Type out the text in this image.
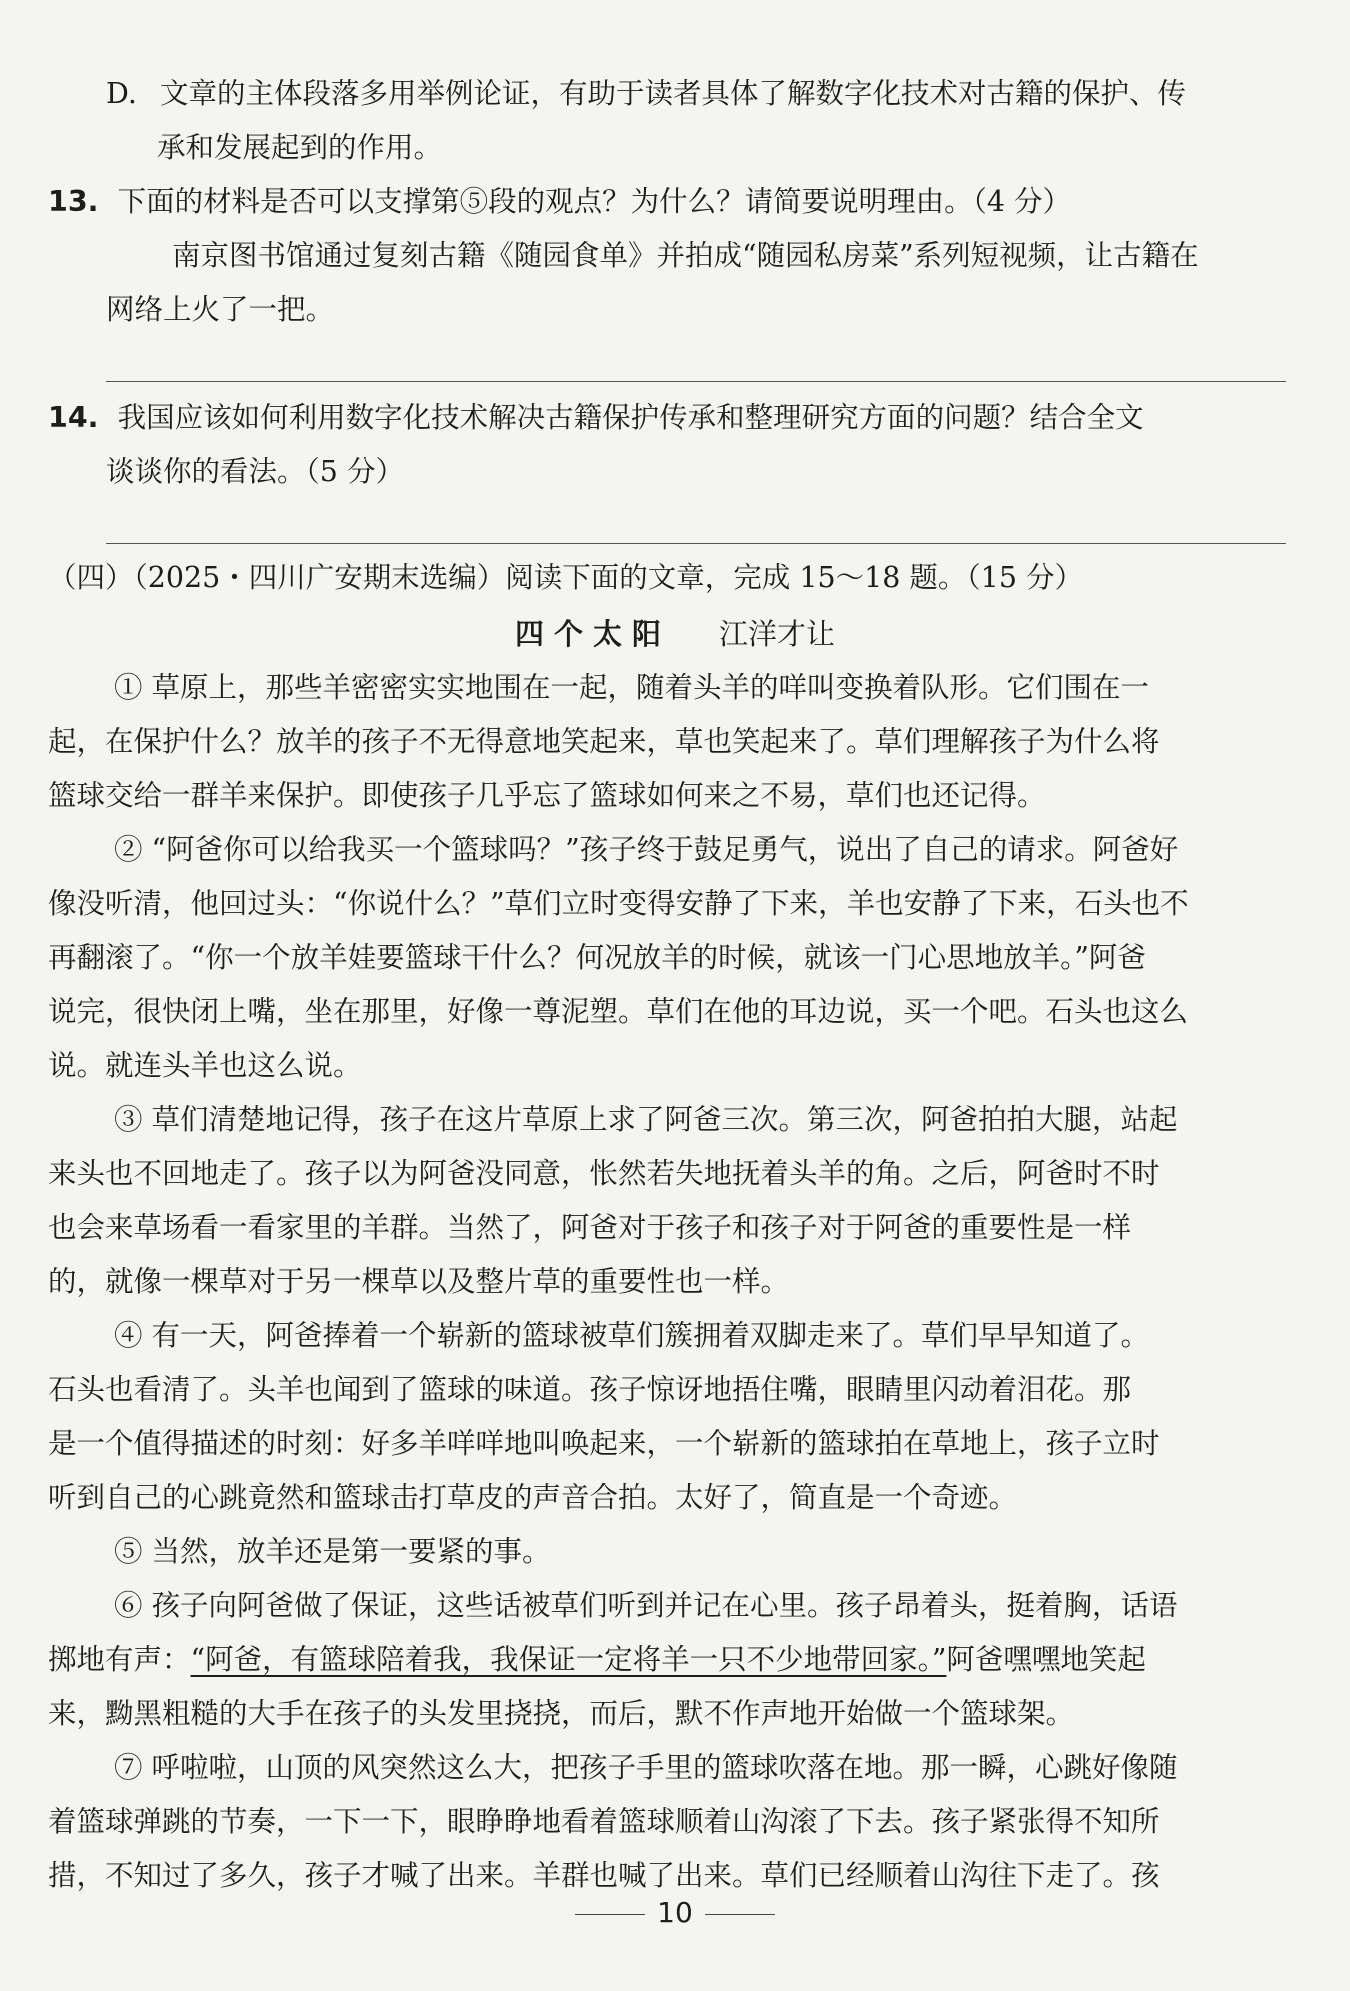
D. 文章的主体段落多用举例论证，有助于读者具体了解数字化技术对古籍的保护、传
承和发展起到的作用。
13. 下面的材料是否可以支撑第⑤段的观点？为什么？请简要说明理由。（4 分）
南京图书馆通过复刻古籍《随园食单》并拍成“随园私房菜”系列短视频，让古籍在
网络上火了一把。
14. 我国应该如何利用数字化技术解决古籍保护传承和整理研究方面的问题？结合全文
谈谈你的看法。（5 分）
（四）（2025・四川广安期末选编）阅读下面的文章，完成 15～18 题。（15 分）
四个太阳 江洋才让
① 草原上，那些羊密密实实地围在一起，随着头羊的咩叫变换着队形。它们围在一
起，在保护什么？放羊的孩子不无得意地笑起来，草也笑起来了。草们理解孩子为什么将
篮球交给一群羊来保护。即使孩子几乎忘了篮球如何来之不易，草们也还记得。
② “阿爸你可以给我买一个篮球吗？”孩子终于鼓足勇气，说出了自己的请求。阿爸好
像没听清，他回过头：“你说什么？”草们立时变得安静了下来，羊也安静了下来，石头也不
再翻滚了。“你一个放羊娃要篮球干什么？何况放羊的时候，就该一门心思地放羊。”阿爸
说完，很快闭上嘴，坐在那里，好像一尊泥塑。草们在他的耳边说，买一个吧。石头也这么
说。就连头羊也这么说。
③ 草们清楚地记得，孩子在这片草原上求了阿爸三次。第三次，阿爸拍拍大腿，站起
来头也不回地走了。孩子以为阿爸没同意，怅然若失地抚着头羊的角。之后，阿爸时不时
也会来草场看一看家里的羊群。当然了，阿爸对于孩子和孩子对于阿爸的重要性是一样
的，就像一棵草对于另一棵草以及整片草的重要性也一样。
④ 有一天，阿爸捧着一个崭新的篮球被草们簇拥着双脚走来了。草们早早知道了。
石头也看清了。头羊也闻到了篮球的味道。孩子惊讶地捂住嘴，眼睛里闪动着泪花。那
是一个值得描述的时刻：好多羊咩咩地叫唤起来，一个崭新的篮球拍在草地上，孩子立时
听到自己的心跳竟然和篮球击打草皮的声音合拍。太好了，简直是一个奇迹。
⑤ 当然，放羊还是第一要紧的事。
⑥ 孩子向阿爸做了保证，这些话被草们听到并记在心里。孩子昂着头，挺着胸，话语
掷地有声：“阿爸，有篮球陪着我，我保证一定将羊一只不少地带回家。”阿爸嘿嘿地笑起
来，黝黑粗糙的大手在孩子的头发里挠挠，而后，默不作声地开始做一个篮球架。
⑦ 呼啦啦，山顶的风突然这么大，把孩子手里的篮球吹落在地。那一瞬，心跳好像随
着篮球弹跳的节奏，一下一下，眼睁睁地看着篮球顺着山沟滚了下去。孩子紧张得不知所
措，不知过了多久，孩子才喊了出来。羊群也喊了出来。草们已经顺着山沟往下走了。孩
10
